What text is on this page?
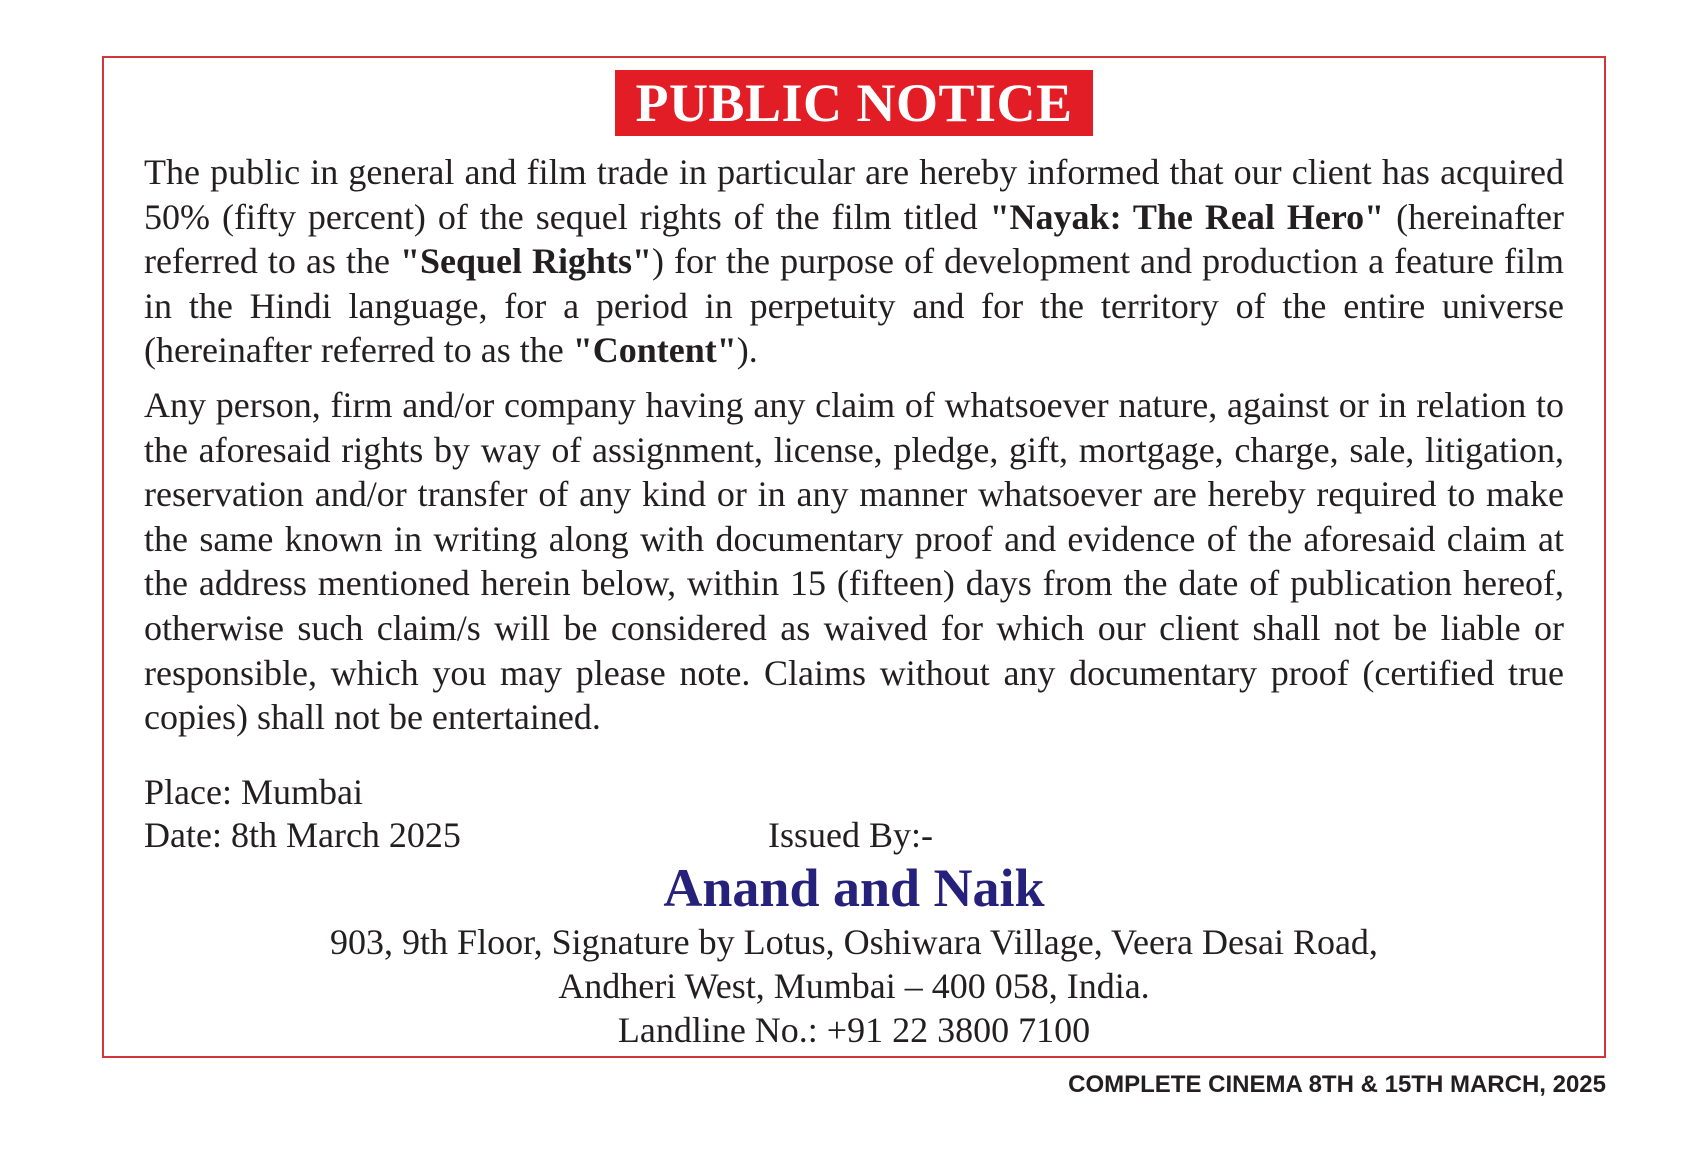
PUBLIC NOTICE

The public in general and film trade in particular are hereby informed that our client has acquired 50% (fifty percent) of the sequel rights of the film titled "Nayak: The Real Hero" (hereinafter referred to as the "Sequel Rights") for the purpose of development and production a feature film in the Hindi language, for a period in perpetuity and for the territory of the entire universe (hereinafter referred to as the "Content").

Any person, firm and/or company having any claim of whatsoever nature, against or in relation to the aforesaid rights by way of assignment, license, pledge, gift, mortgage, charge, sale, litigation, reservation and/or transfer of any kind or in any manner whatsoever are hereby required to make the same known in writing along with documentary proof and evidence of the aforesaid claim at the address mentioned herein below, within 15 (fifteen) days from the date of publication hereof, otherwise such claim/s will be considered as waived for which our client shall not be liable or responsible, which you may please note. Claims without any documentary proof (certified true copies) shall not be entertained.

Place: Mumbai
Date: 8th March 2025	Issued By:-
Anand and Naik
903, 9th Floor, Signature by Lotus, Oshiwara Village, Veera Desai Road,
Andheri West, Mumbai – 400 058, India.
Landline No.: +91 22 3800 7100
COMPLETE CINEMA 8TH & 15TH MARCH, 2025
